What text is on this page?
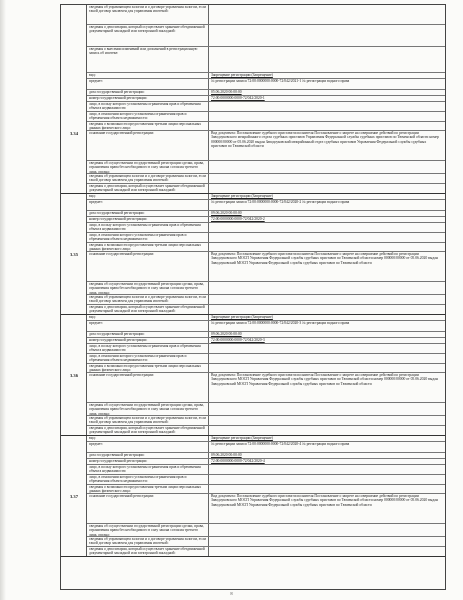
сведения об управляющем залогом и о договоре управления залогом, если такой договор заключен для управления ипотекой:
сведения о депозитарии, который осуществляет хранение обездвиженной документарной закладной или электронной закладной:
сведения о внесении изменений или дополнений в регистрационную запись об ипотеке:
3.34
вид:	Запрещение регистрации (Запрещение)
предмет:	№ регистрации записи 72:00:0000000:0000-72/042/2021-1 № регистрации водного права
дата государственной регистрации:	05.06.2020 00:00:00
номер государственной регистрации:	72:00:0000000:0000-72/042/2020-1
лицо, в пользу которого установлены ограничения прав и обременения объекта недвижимости:
лицо, в отношении которого установлены ограничения прав и обременения объекта недвижимости:
сведения о возможности предоставления третьим лицам персональных данных физического лица:
основание государственной регистрации:	Вид документа: Постановление судебного пристава-исполнителя Постановление о запрете на совершение действий по регистрации Заводоуковского межрайонного отдела судебных приставов Управления Федеральной службы судебных приставов по Тюменской области номер 000000/00000 от 05.06.2020 выдан Заводоуковский межрайонный отдел судебных приставов Управления Федеральной службы судебных приставов по Тюменской области
сведения об осуществлении государственной регистрации сделки, права, ограничения права без необходимого в силу закона согласия третьего лица, органа:
сведения об управляющем залогом и о договоре управления залогом, если такой договор заключен для управления ипотекой:
сведения о депозитарии, который осуществляет хранение обездвиженной документарной закладной или электронной закладной:
3.35
вид:	Запрещение регистрации (Запрещение)
предмет:	№ регистрации записи 72:00:0000000:0000-72/042/2020-2 № регистрации водного права
дата государственной регистрации:	09.06.2020 00:00:00
номер государственной регистрации:	72:00:0000000:0000-72/042/2020-2
лицо, в пользу которого установлены ограничения прав и обременения объекта недвижимости:
лицо, в отношении которого установлены ограничения прав и обременения объекта недвижимости:
сведения о возможности предоставления третьим лицам персональных данных физического лица:
основание государственной регистрации:	Вид документа: Постановление судебного пристава-исполнителя Постановление о запрете на совершение действий по регистрации Заводоуковского МОСП Управления Федеральной службы судебных приставов по Тюменской области номер 000000/00000 от 05.06.2020 выдан Заводоуковский МОСП Управления Федеральной службы судебных приставов по Тюменской области
сведения об осуществлении государственной регистрации сделки, права, ограничения права без необходимого в силу закона согласия третьего лица, органа:
сведения об управляющем залогом и о договоре управления залогом, если такой договор заключен для управления ипотекой:
сведения о депозитарии, который осуществляет хранение обездвиженной документарной закладной или электронной закладной:
3.36
вид:	Запрещение регистрации (Запрещение)
предмет:	№ регистрации записи 72:00:0000000:0000-72/042/2020-3 № регистрации водного права
дата государственной регистрации:	09.06.2020 00:00:00
номер государственной регистрации:	72:00:0000000:0000-72/042/2020-3
лицо, в пользу которого установлены ограничения прав и обременения объекта недвижимости:
лицо, в отношении которого установлены ограничения прав и обременения объекта недвижимости:
сведения о возможности предоставления третьим лицам персональных данных физического лица:
основание государственной регистрации:	Вид документа: Постановление судебного пристава-исполнителя Постановление о запрете на совершение действий по регистрации Заводоуковского МОСП Управления Федеральной службы судебных приставов по Тюменской области номер 000000/00000 от 05.06.2020 выдан Заводоуковский МОСП Управления Федеральной службы судебных приставов по Тюменской области
сведения об осуществлении государственной регистрации сделки, права, ограничения права без необходимого в силу закона согласия третьего лица, органа:
сведения об управляющем залогом и о договоре управления залогом, если такой договор заключен для управления ипотекой:
сведения о депозитарии, который осуществляет хранение обездвиженной документарной закладной или электронной закладной:
3.37
вид:	Запрещение регистрации (Запрещение)
предмет:	№ регистрации записи 72:00:0000000:0000-72/042/2020-4 № регистрации водного права
дата государственной регистрации:	09.06.2020 00:00:00
номер государственной регистрации:	72:00:0000000:0000-72/042/2020-4
лицо, в пользу которого установлены ограничения прав и обременения объекта недвижимости:
лицо, в отношении которого установлены ограничения прав и обременения объекта недвижимости:
сведения о возможности предоставления третьим лицам персональных данных физического лица:
основание государственной регистрации:	Вид документа: Постановление судебного пристава-исполнителя Постановление о запрете на совершение действий по регистрации Заводоуковского МОСП Управления Федеральной службы судебных приставов по Тюменской области номер 000000/00000 от 05.06.2020 выдан Заводоуковский МОСП Управления Федеральной службы судебных приставов по Тюменской области
сведения об осуществлении государственной регистрации сделки, права, ограничения права без необходимого в силу закона согласия третьего лица, органа:
сведения об управляющем залогом и о договоре управления залогом, если такой договор заключен для управления ипотекой:
сведения о депозитарии, который осуществляет хранение обездвиженной документарной закладной или электронной закладной:
8
